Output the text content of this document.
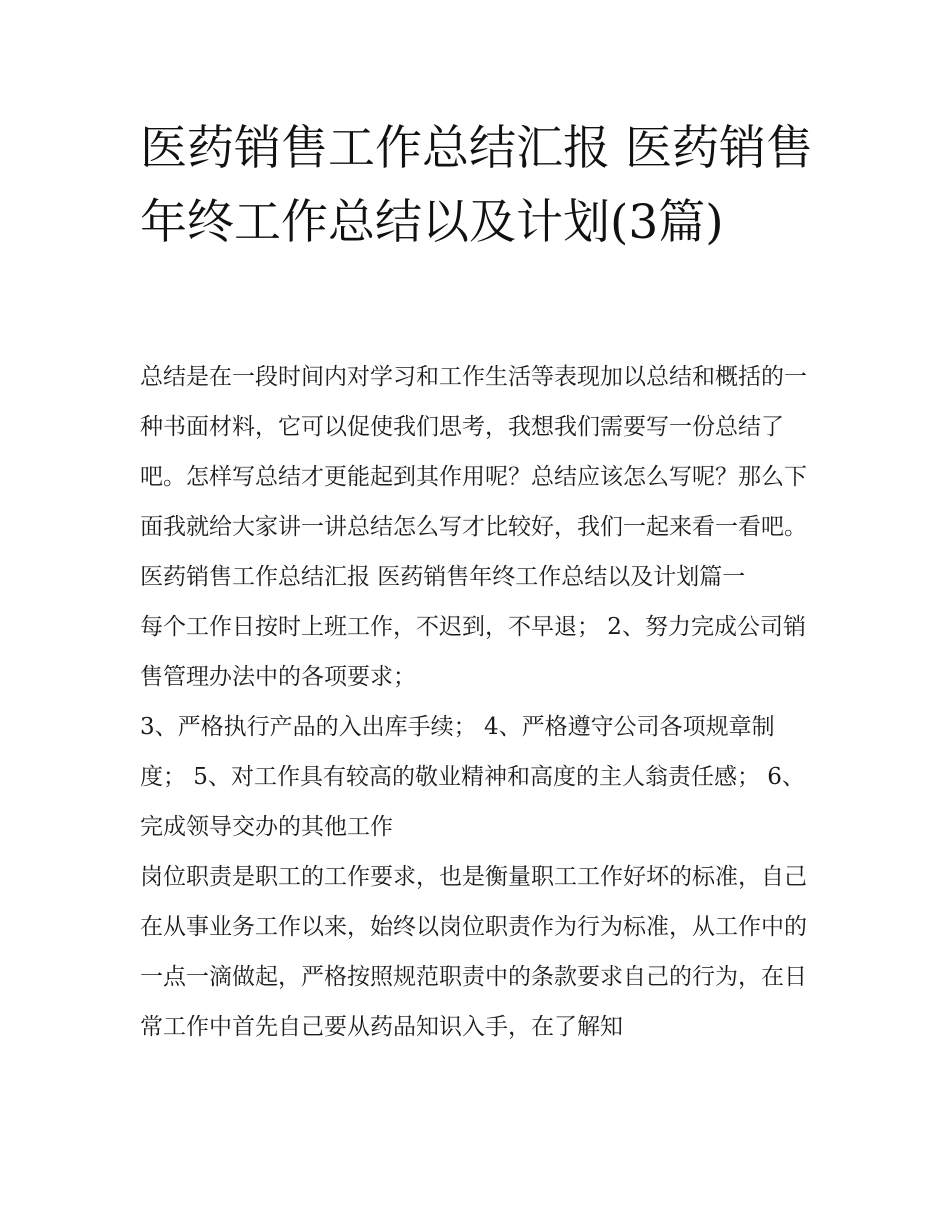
医药销售工作总结汇报 医药销售年终工作总结以及计划(3篇)

总结是在一段时间内对学习和工作生活等表现加以总结和概括的一种书面材料，它可以促使我们思考，我想我们需要写一份总结了吧。怎样写总结才更能起到其作用呢？总结应该怎么写呢？那么下面我就给大家讲一讲总结怎么写才比较好，我们一起来看一看吧。

医药销售工作总结汇报 医药销售年终工作总结以及计划篇一

每个工作日按时上班工作，不迟到，不早退； 2、努力完成公司销售管理办法中的各项要求；

3、严格执行产品的入出库手续； 4、严格遵守公司各项规章制度； 5、对工作具有较高的敬业精神和高度的主人翁责任感； 6、完成领导交办的其他工作

岗位职责是职工的工作要求，也是衡量职工工作好坏的标准，自己在从事业务工作以来，始终以岗位职责作为行为标准，从工作中的一点一滴做起，严格按照规范职责中的条款要求自己的行为，在日常工作中首先自己要从药品知识入手，在了解知
